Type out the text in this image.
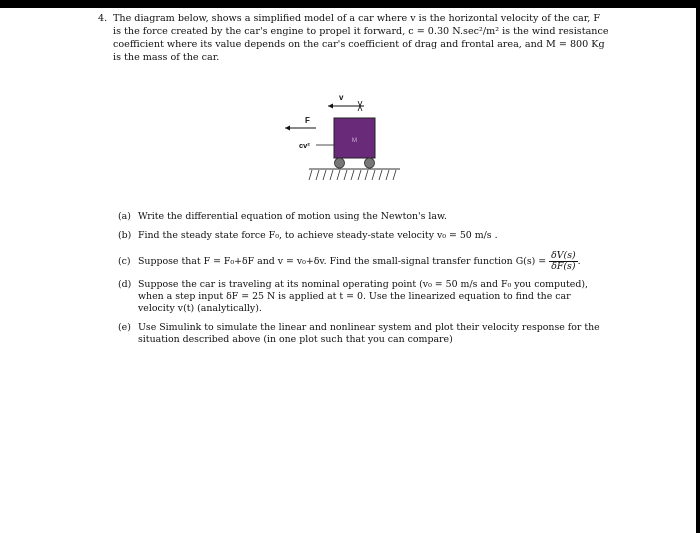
4. The diagram below, shows a simplified model of a car where v is the horizontal velocity of the car, F
is the force created by the car's engine to propel it forward, c = 0.30 N.sec²/m² is the wind resistance
coefficient where its value depends on the car's coefficient of drag and frontal area, and M = 800 Kg
is the mass of the car.
v
F
cv²
M
(a) Write the differential equation of motion using the Newton's law.
(b) Find the steady state force F₀, to achieve steady-state velocity v₀ = 50 m/s .
(c) Suppose that F = F₀+δF and v = v₀+δv. Find the small-signal transfer function $G(s) = \frac{\delta V(s)}{\delta F(s)}$ .
(d) Suppose the car is traveling at its nominal operating point (v₀ = 50 m/s and F₀ you computed),
when a step input δF = 25 N is applied at t = 0. Use the linearized equation to find the car
velocity v(t) (analytically).
(e) Use Simulink to simulate the linear and nonlinear system and plot their velocity response for the
situation described above (in one plot such that you can compare)
